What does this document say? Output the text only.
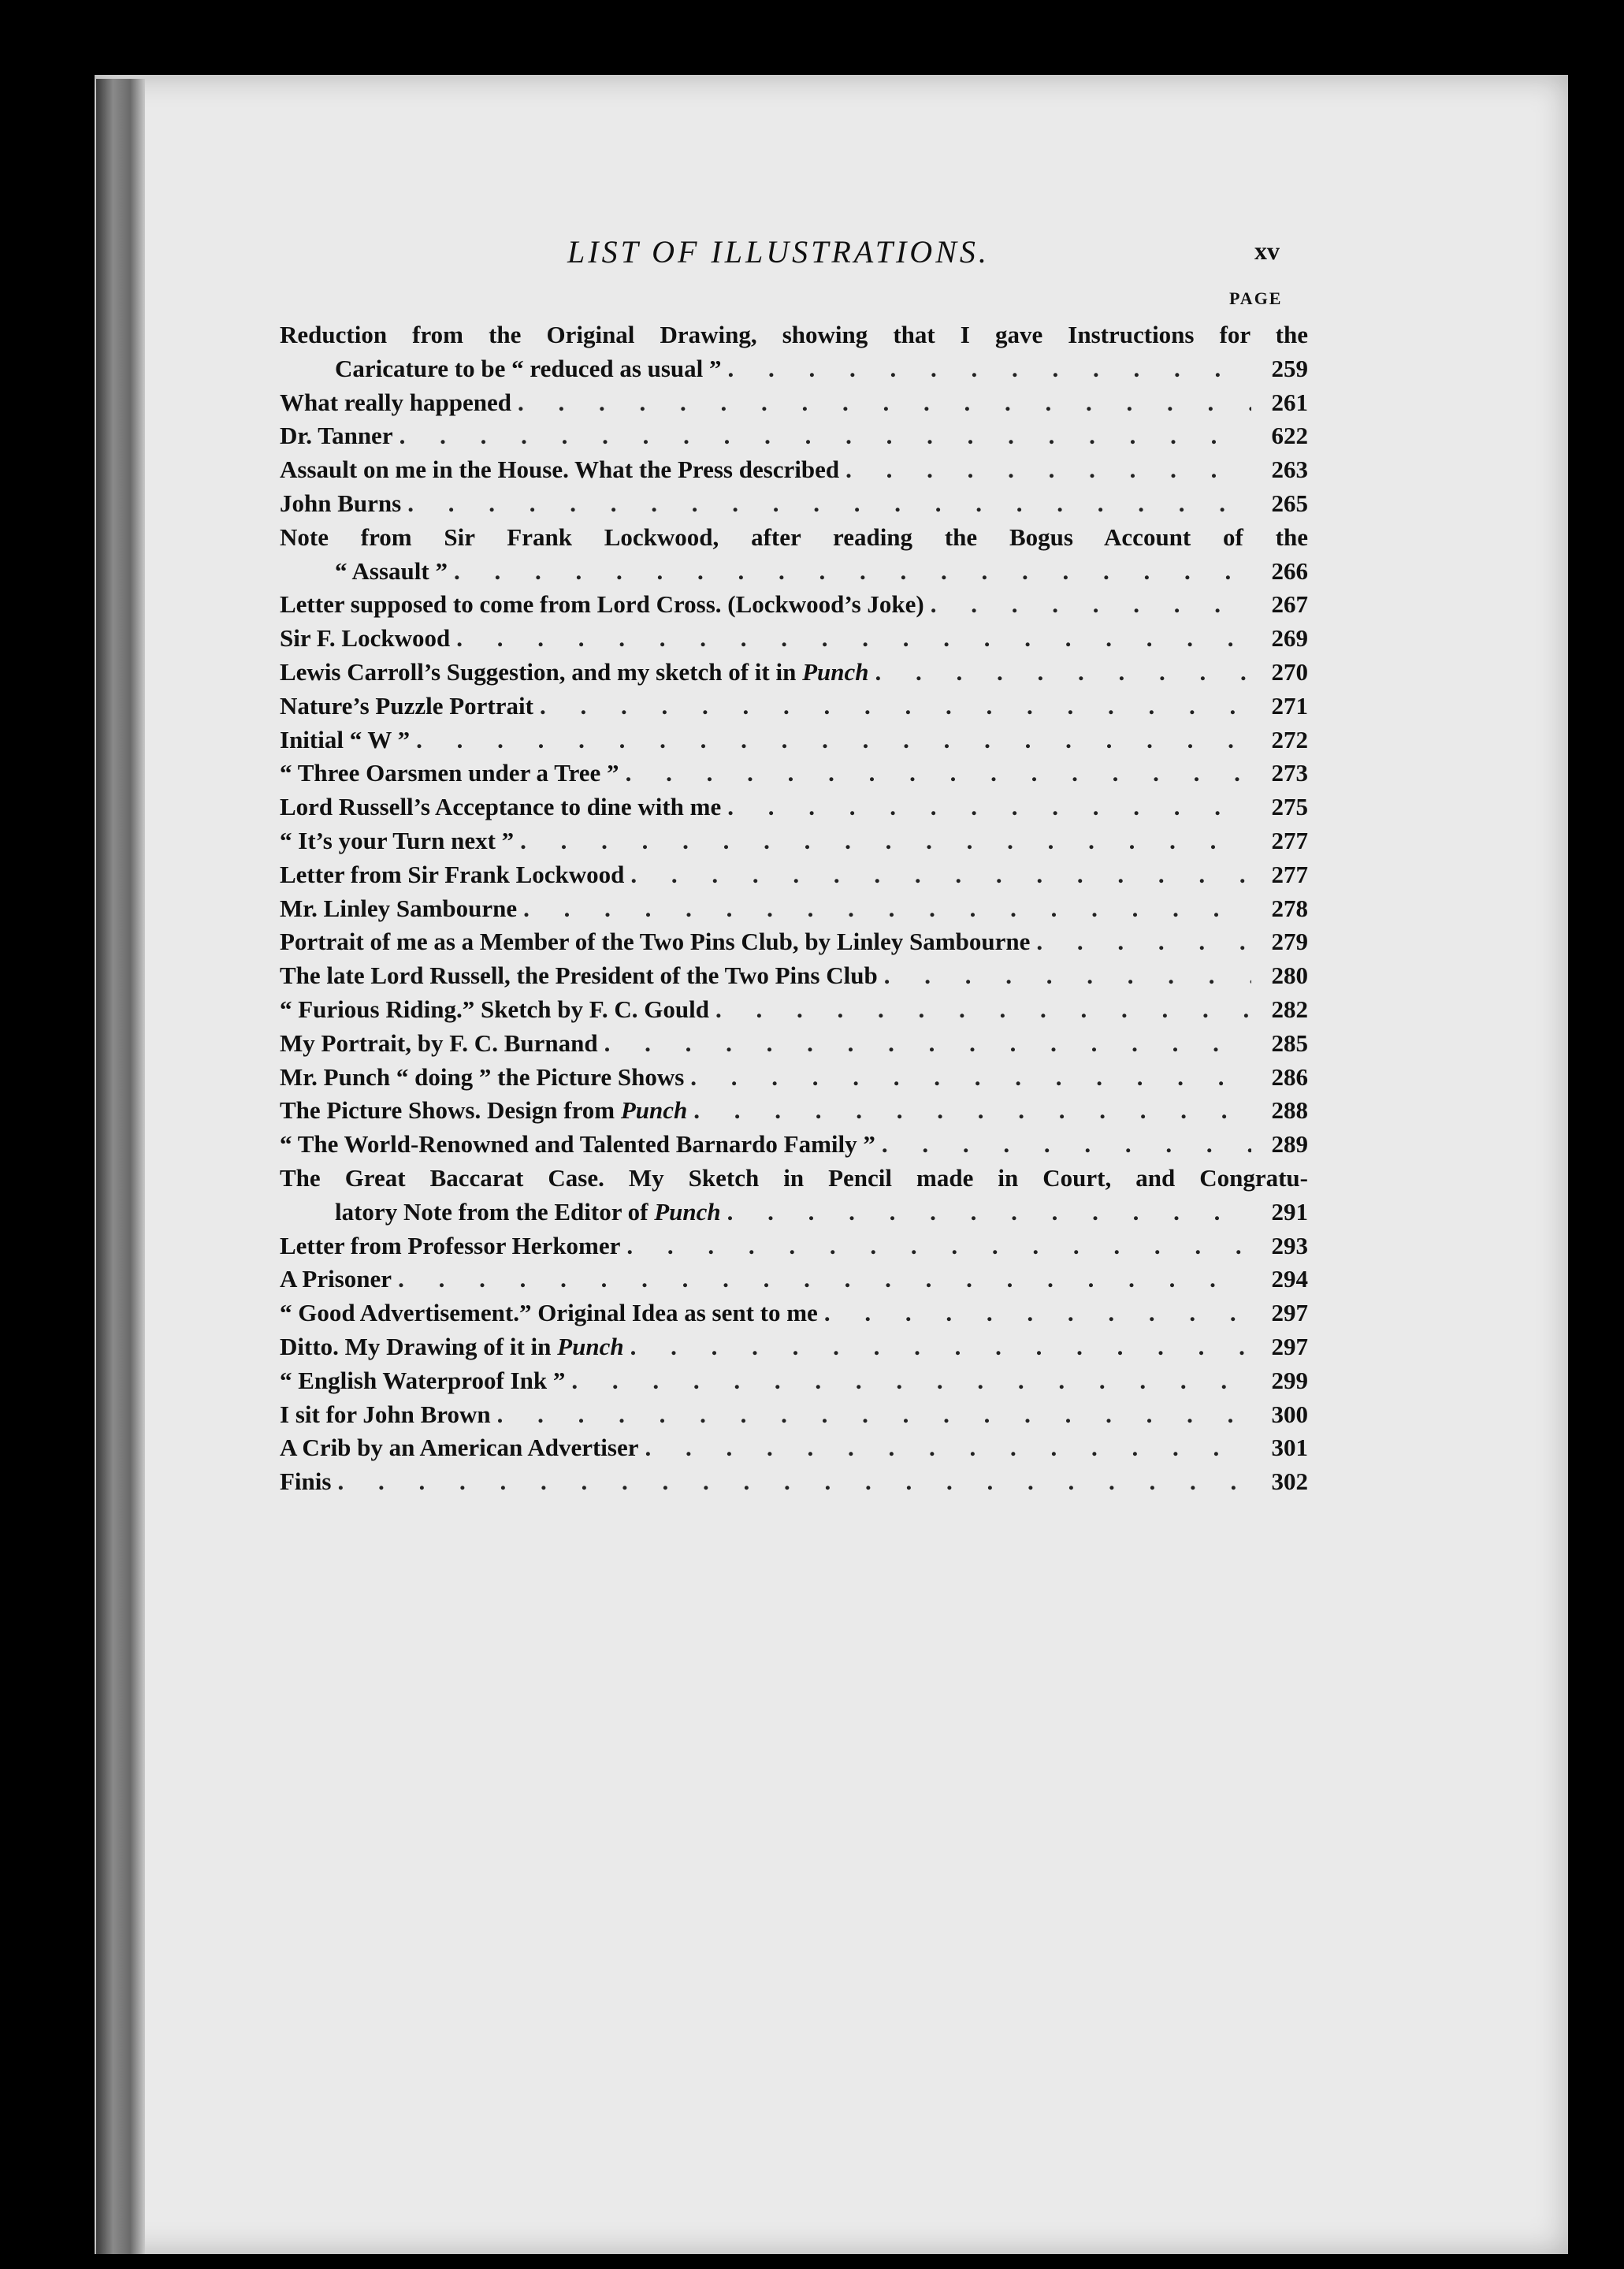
LIST OF ILLUSTRATIONS.	xv
PAGE
Reduction from the Original Drawing, showing that I gave Instructions for the
Caricature to be “ reduced as usual ” . . .	259
What really happened . . .	261
Dr. Tanner . . .	622
Assault on me in the House. What the Press described . . .	263
John Burns . . .	265
Note from Sir Frank Lockwood, after reading the Bogus Account of the
“ Assault ” . . .	266
Letter supposed to come from Lord Cross. (Lockwood’s Joke) . . .	267
Sir F. Lockwood . . .	269
Lewis Carroll’s Suggestion, and my sketch of it in Punch . . .	270
Nature’s Puzzle Portrait . . .	271
Initial “ W ” . . .	272
“ Three Oarsmen under a Tree ” . . .	273
Lord Russell’s Acceptance to dine with me . . .	275
“ It’s your Turn next ” . . .	277
Letter from Sir Frank Lockwood . . .	277
Mr. Linley Sambourne . . .	278
Portrait of me as a Member of the Two Pins Club, by Linley Sambourne . . .	279
The late Lord Russell, the President of the Two Pins Club . . .	280
“ Furious Riding.” Sketch by F. C. Gould . . .	282
My Portrait, by F. C. Burnand . . .	285
Mr. Punch “ doing ” the Picture Shows . . .	286
The Picture Shows. Design from Punch . . .	288
“ The World-Renowned and Talented Barnardo Family ” . . .	289
The Great Baccarat Case. My Sketch in Pencil made in Court, and Congratu-
latory Note from the Editor of Punch . . .	291
Letter from Professor Herkomer . . .	293
A Prisoner . . .	294
“ Good Advertisement.” Original Idea as sent to me . . .	297
Ditto. My Drawing of it in Punch . . .	297
“ English Waterproof Ink ” . . .	299
I sit for John Brown . . .	300
A Crib by an American Advertiser . . .	301
Finis . . .	302
